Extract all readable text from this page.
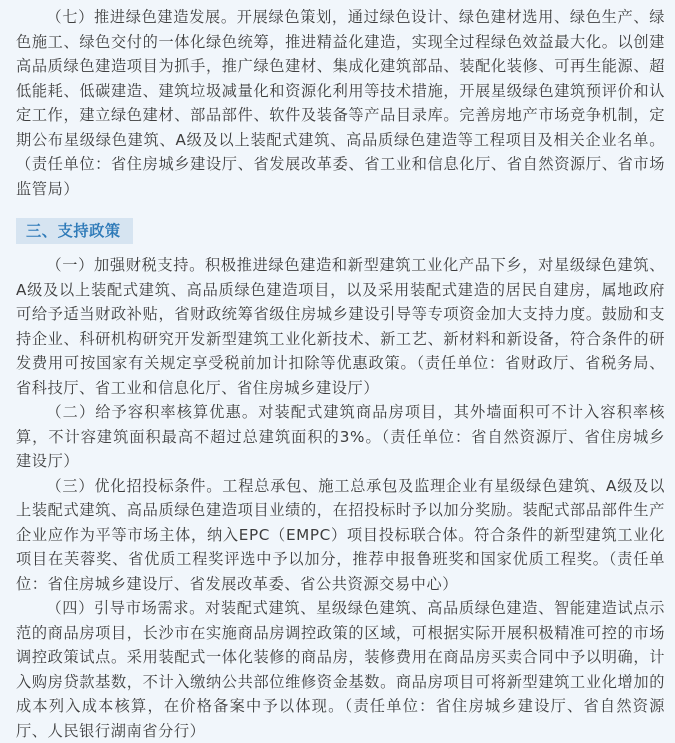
（七）推进绿色建造发展。开展绿色策划，通过绿色设计、绿色建材选用、绿色生产、绿色施工、绿色交付的一体化绿色统筹，推进精益化建造，实现全过程绿色效益最大化。以创建高品质绿色建造项目为抓手，推广绿色建材、集成化建筑部品、装配化装修、可再生能源、超低能耗、低碳建造、建筑垃圾减量化和资源化利用等技术措施，开展星级绿色建筑预评价和认定工作，建立绿色建材、部品部件、软件及装备等产品目录库。完善房地产市场竞争机制，定期公布星级绿色建筑、A级及以上装配式建筑、高品质绿色建造等工程项目及相关企业名单。（责任单位：省住房城乡建设厅、省发展改革委、省工业和信息化厅、省自然资源厅、省市场监管局）

三、支持政策

（一）加强财税支持。积极推进绿色建造和新型建筑工业化产品下乡，对星级绿色建筑、A级及以上装配式建筑、高品质绿色建造项目，以及采用装配式建造的居民自建房，属地政府可给予适当财政补贴，省财政统筹省级住房城乡建设引导等专项资金加大支持力度。鼓励和支持企业、科研机构研究开发新型建筑工业化新技术、新工艺、新材料和新设备，符合条件的研发费用可按国家有关规定享受税前加计扣除等优惠政策。（责任单位：省财政厅、省税务局、省科技厅、省工业和信息化厅、省住房城乡建设厅）

（二）给予容积率核算优惠。对装配式建筑商品房项目，其外墙面积可不计入容积率核算，不计容建筑面积最高不超过总建筑面积的3%。（责任单位：省自然资源厅、省住房城乡建设厅）

（三）优化招投标条件。工程总承包、施工总承包及监理企业有星级绿色建筑、A级及以上装配式建筑、高品质绿色建造项目业绩的，在招投标时予以加分奖励。装配式部品部件生产企业应作为平等市场主体，纳入EPC（EMPC）项目投标联合体。符合条件的新型建筑工业化项目在芙蓉奖、省优质工程奖评选中予以加分，推荐申报鲁班奖和国家优质工程奖。（责任单位：省住房城乡建设厅、省发展改革委、省公共资源交易中心）

（四）引导市场需求。对装配式建筑、星级绿色建筑、高品质绿色建造、智能建造试点示范的商品房项目，长沙市在实施商品房调控政策的区域，可根据实际开展积极精准可控的市场调控政策试点。采用装配式一体化装修的商品房，装修费用在商品房买卖合同中予以明确，计入购房贷款基数，不计入缴纳公共部位维修资金基数。商品房项目可将新型建筑工业化增加的成本列入成本核算，在价格备案中予以体现。（责任单位：省住房城乡建设厅、省自然资源厅、人民银行湖南省分行）
